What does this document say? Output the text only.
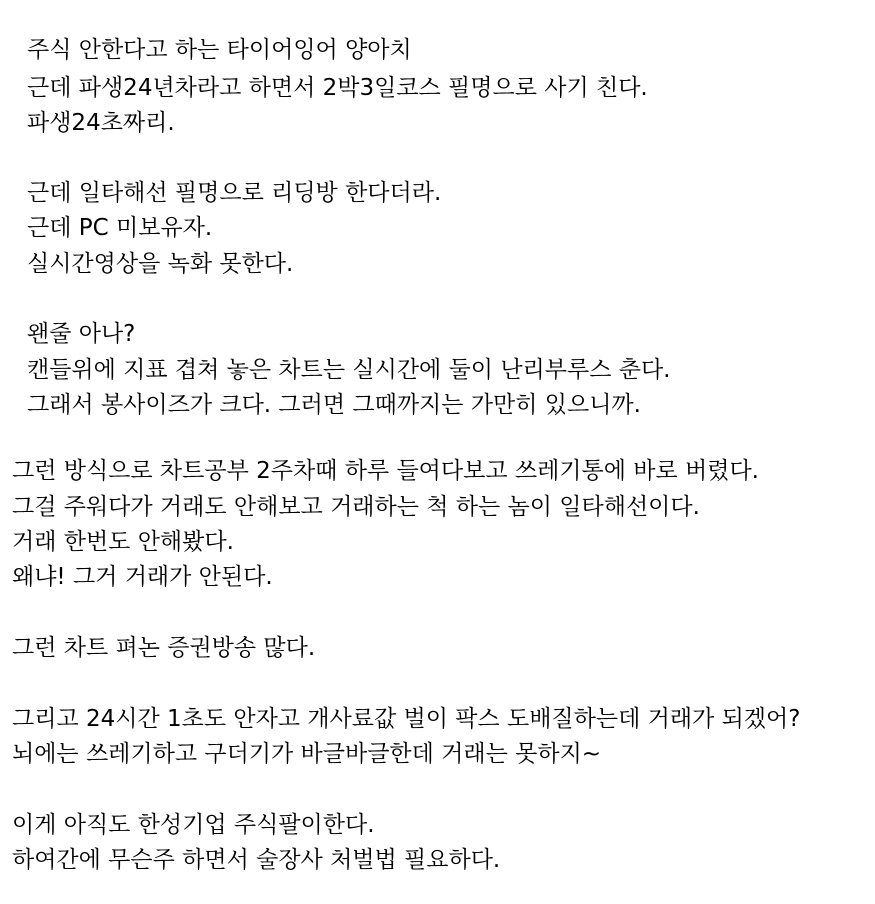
주식 안한다고 하는 타이어잉어 양아치
근데 파생24년차라고 하면서 2박3일코스 필명으로 사기 친다.
파생24초짜리.
근데 일타해선 필명으로 리딩방 한다더라.
근데 PC 미보유자.
실시간영상을 녹화 못한다.
왠줄 아나?
캔들위에 지표 겹쳐 놓은 차트는 실시간에 둘이 난리부루스 춘다.
그래서 봉사이즈가 크다. 그러면 그때까지는 가만히 있으니까.
그런 방식으로 차트공부 2주차때 하루 들여다보고 쓰레기통에 바로 버렸다.
그걸 주워다가 거래도 안해보고 거래하는 척 하는 놈이 일타해선이다.
거래 한번도 안해봤다.
왜냐! 그거 거래가 안된다.
그런 차트 펴논 증권방송 많다.
그리고 24시간 1초도 안자고 개사료값 벌이 팍스 도배질하는데 거래가 되겠어?
뇌에는 쓰레기하고 구더기가 바글바글한데 거래는 못하지~
이게 아직도 한성기업 주식팔이한다.
하여간에 무슨주 하면서 술장사 처벌법 필요하다.
